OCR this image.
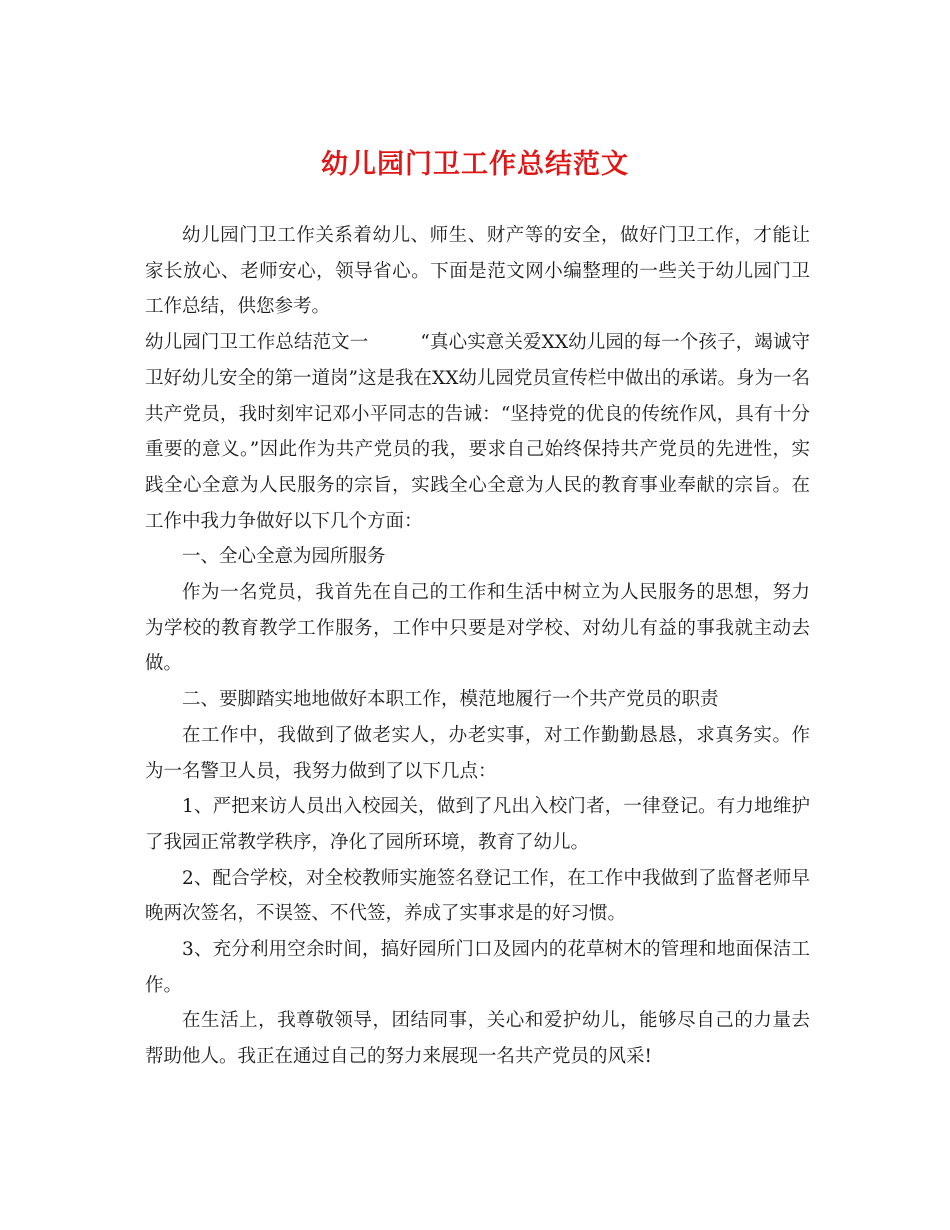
幼儿园门卫工作总结范文

幼儿园门卫工作关系着幼儿、师生、财产等的安全，做好门卫工作，才能让家长放心、老师安心，领导省心。下面是范文网小编整理的一些关于幼儿园门卫工作总结，供您参考。

幼儿园门卫工作总结范文一	“真心实意关爱XX幼儿园的每一个孩子，竭诚守卫好幼儿安全的第一道岗”这是我在XX幼儿园党员宣传栏中做出的承诺。身为一名共产党员，我时刻牢记邓小平同志的告诫：“坚持党的优良的传统作风，具有十分重要的意义。”因此作为共产党员的我，要求自己始终保持共产党员的先进性，实践全心全意为人民服务的宗旨，实践全心全意为人民的教育事业奉献的宗旨。在工作中我力争做好以下几个方面：

一、全心全意为园所服务

作为一名党员，我首先在自己的工作和生活中树立为人民服务的思想，努力为学校的教育教学工作服务，工作中只要是对学校、对幼儿有益的事我就主动去做。

二、要脚踏实地地做好本职工作，模范地履行一个共产党员的职责

在工作中，我做到了做老实人，办老实事，对工作勤勤恳恳，求真务实。作为一名警卫人员，我努力做到了以下几点：

1、严把来访人员出入校园关，做到了凡出入校门者，一律登记。有力地维护了我园正常教学秩序，净化了园所环境，教育了幼儿。

2、配合学校，对全校教师实施签名登记工作，在工作中我做到了监督老师早晚两次签名，不误签、不代签，养成了实事求是的好习惯。

3、充分利用空余时间，搞好园所门口及园内的花草树木的管理和地面保洁工作。

在生活上，我尊敬领导，团结同事，关心和爱护幼儿，能够尽自己的力量去帮助他人。我正在通过自己的努力来展现一名共产党员的风采!
